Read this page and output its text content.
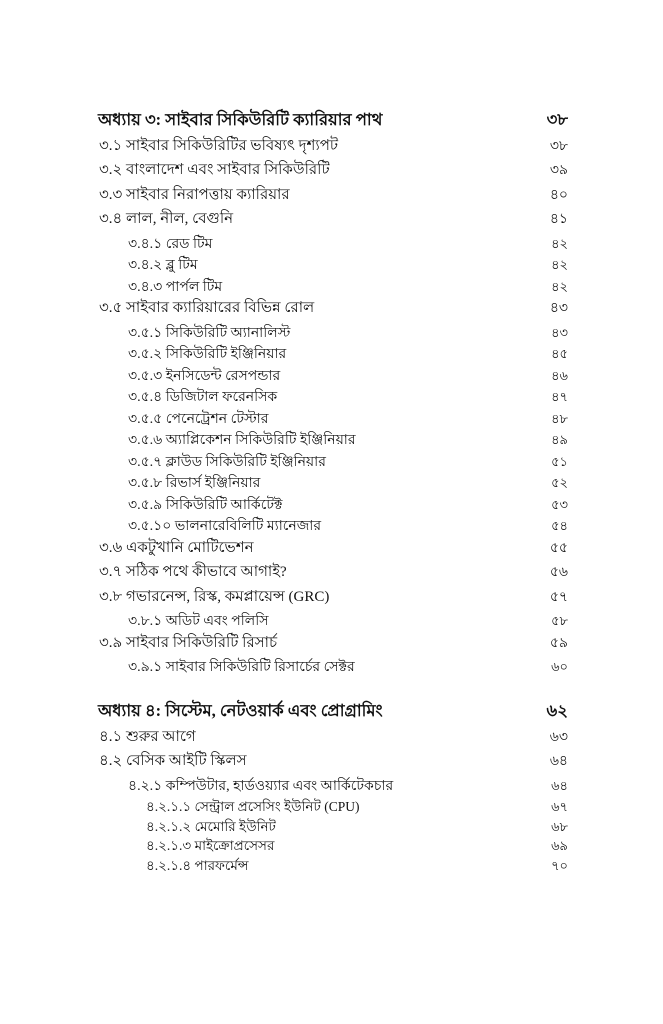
অধ্যায় ৩: সাইবার সিকিউরিটি ক্যারিয়ার পাথ	৩৮
৩.১ সাইবার সিকিউরিটির ভবিষ্যৎ দৃশ্যপট	৩৮
৩.২ বাংলাদেশ এবং সাইবার সিকিউরিটি	৩৯
৩.৩ সাইবার নিরাপত্তায় ক্যারিয়ার	৪০
৩.৪ লাল, নীল, বেগুনি	৪১
৩.৪.১ রেড টিম	৪২
৩.৪.২ ব্লু টিম	৪২
৩.৪.৩ পার্পল টিম	৪২
৩.৫ সাইবার ক্যারিয়ারের বিভিন্ন রোল	৪৩
৩.৫.১ সিকিউরিটি অ্যানালিস্ট	৪৩
৩.৫.২ সিকিউরিটি ইঞ্জিনিয়ার	৪৫
৩.৫.৩ ইনসিডেন্ট রেসপন্ডার	৪৬
৩.৫.৪ ডিজিটাল ফরেনসিক	৪৭
৩.৫.৫ পেনেট্রেশন টেস্টার	৪৮
৩.৫.৬ অ্যাপ্লিকেশন সিকিউরিটি ইঞ্জিনিয়ার	৪৯
৩.৫.৭ ক্লাউড সিকিউরিটি ইঞ্জিনিয়ার	৫১
৩.৫.৮ রিভার্স ইঞ্জিনিয়ার	৫২
৩.৫.৯ সিকিউরিটি আর্কিটেক্ট	৫৩
৩.৫.১০ ভালনারেবিলিটি ম্যানেজার	৫৪
৩.৬ একটুখানি মোটিভেশন	৫৫
৩.৭ সঠিক পথে কীভাবে আগাই?	৫৬
৩.৮ গভারনেন্স, রিস্ক, কমপ্লায়েন্স (GRC)	৫৭
৩.৮.১ অডিট এবং পলিসি	৫৮
৩.৯ সাইবার সিকিউরিটি রিসার্চ	৫৯
৩.৯.১ সাইবার সিকিউরিটি রিসার্চের সেক্টর	৬০
অধ্যায় ৪: সিস্টেম, নেটওয়ার্ক এবং প্রোগ্রামিং	৬২
৪.১ শুরুর আগে	৬৩
৪.২ বেসিক আইটি স্কিলস	৬৪
৪.২.১ কম্পিউটার, হার্ডওয়্যার এবং আর্কিটেকচার	৬৪
৪.২.১.১ সেন্ট্রাল প্রসেসিং ইউনিট (CPU)	৬৭
৪.২.১.২ মেমোরি ইউনিট	৬৮
৪.২.১.৩ মাইক্রোপ্রসেসর	৬৯
৪.২.১.৪ পারফর্মেন্স	৭০
